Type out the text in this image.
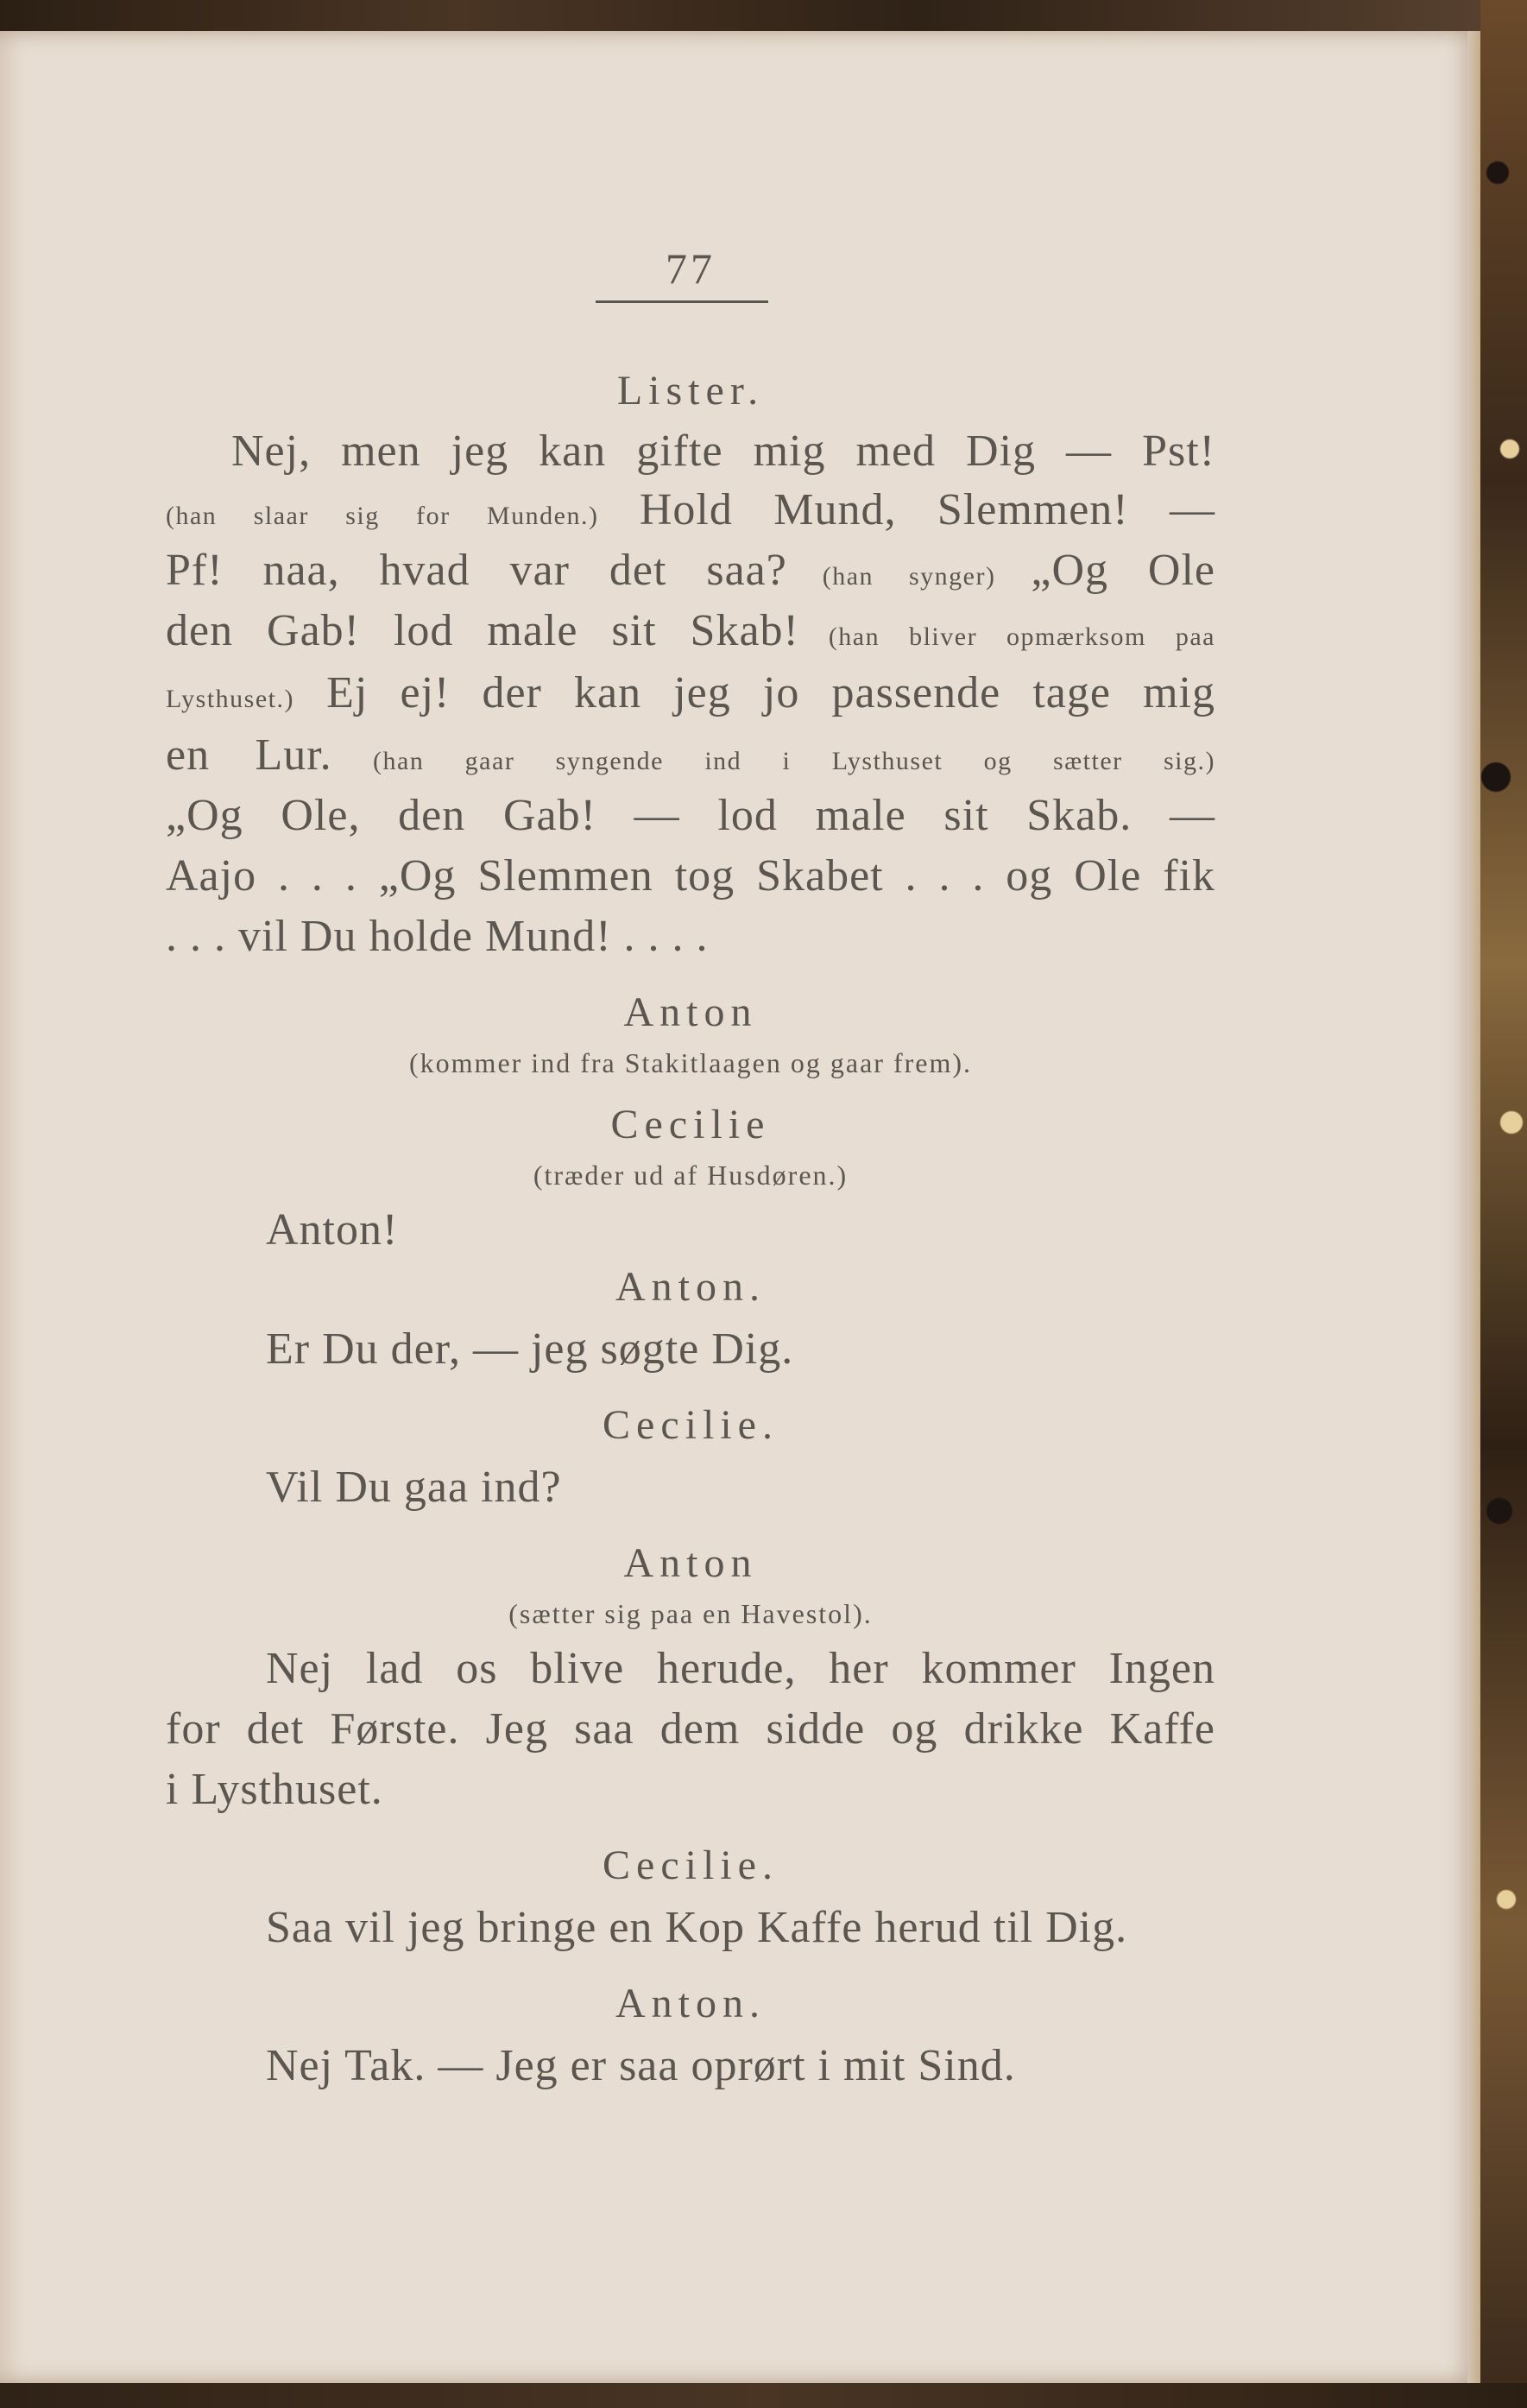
77

Lister.

Nej, men jeg kan gifte mig med Dig — Pst!

(han slaar sig for Munden.) Hold Mund, Slemmen! —

Pf! naa, hvad var det saa? (han synger) „Og Ole

den Gab! lod male sit Skab! (han bliver opmærksom paa

Lysthuset.) Ej ej! der kan jeg jo passende tage mig

en Lur. (han gaar syngende ind i Lysthuset og sætter sig.)

„Og Ole, den Gab! — lod male sit Skab. —

Aajo . . . „Og Slemmen tog Skabet . . . og Ole fik

. . . vil Du holde Mund! . . . .

Anton

(kommer ind fra Stakitlaagen og gaar frem).

Cecilie

(træder ud af Husdøren.)

Anton!

Anton.

Er Du der, — jeg søgte Dig.

Cecilie.

Vil Du gaa ind?

Anton

(sætter sig paa en Havestol).

Nej lad os blive herude, her kommer Ingen

for det Første. Jeg saa dem sidde og drikke Kaffe

i Lysthuset.

Cecilie.

Saa vil jeg bringe en Kop Kaffe herud til Dig.

Anton.

Nej Tak. — Jeg er saa oprørt i mit Sind.
